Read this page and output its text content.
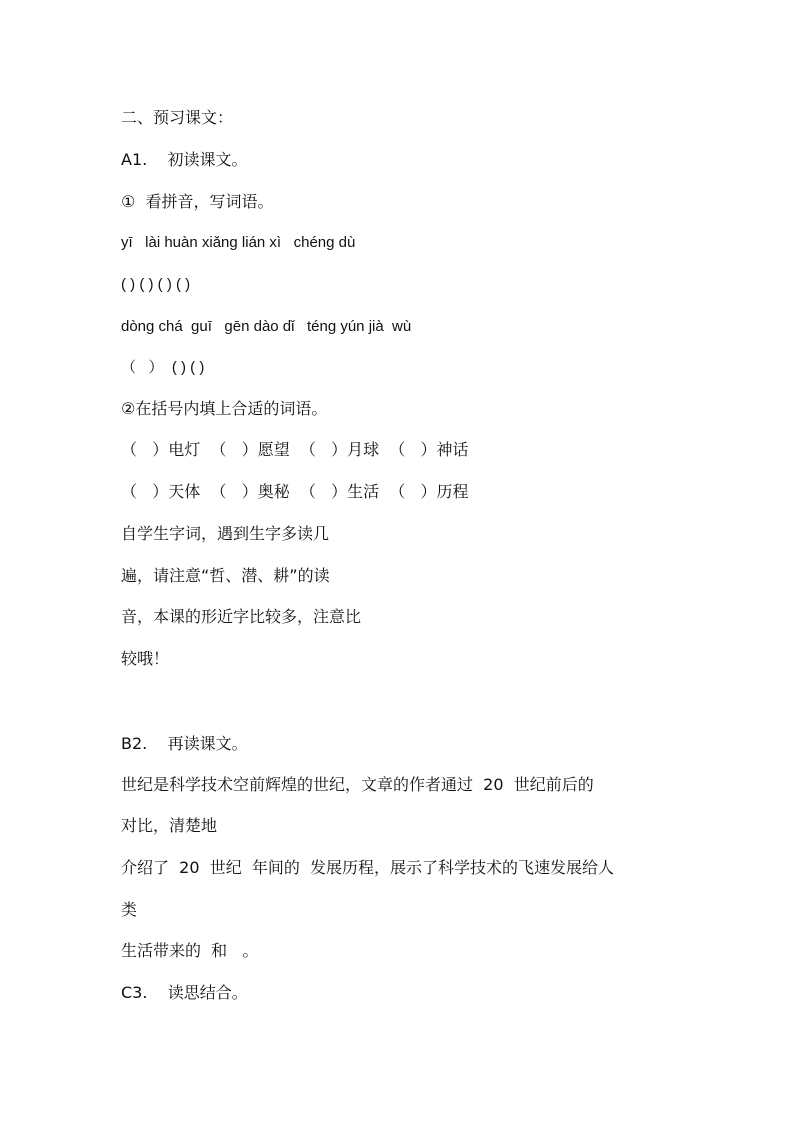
二、预习课文：
A1.    初读课文。
①  看拼音，写词语。
yī   lài huàn xiǎng lián xì   chéng dù
( ) ( ) ( ) ( )
dòng chá  guī   gēn dào dǐ   téng yún jià  wù
（   ）  ( ) ( )
②在括号内填上合适的词语。
（   ）电灯  （   ）愿望  （   ）月球  （   ）神话
（   ）天体  （   ）奥秘  （   ）生活  （   ）历程
自学生字词，遇到生字多读几
遍，请注意“哲、潜、耕”的读
音，本课的形近字比较多，注意比
较哦！
B2.    再读课文。
世纪是科学技术空前辉煌的世纪，文章的作者通过  20  世纪前后的
对比，清楚地
介绍了  20  世纪  年间的  发展历程，展示了科学技术的飞速发展给人
类
生活带来的  和   。
C3.    读思结合。
